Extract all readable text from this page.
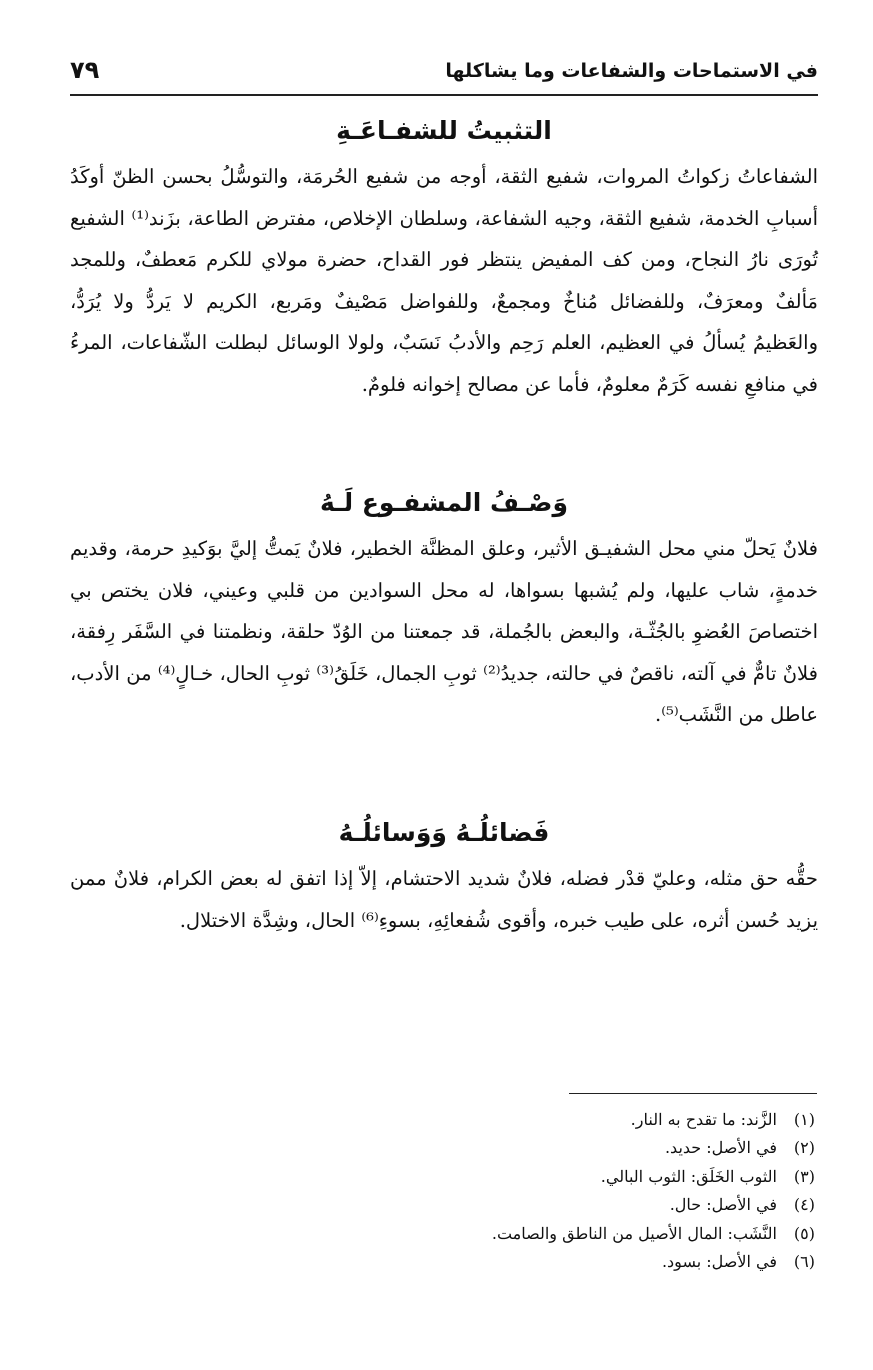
في الاستماحات والشفاعات وما يشاكلها
٧٩
التثبيتُ للشفـاعَـةِ

الشفاعاتُ زكواتُ المروات، شفيع الثقة، أوجه من شفيع الحُرمَة، والتوسُّلُ بحسن الظنّ أوكَدُ أسبابِ الخدمة، شفيع الثقة، وجيه الشفاعة، وسلطان الإخلاص، مفترض الطاعة، بزَند⁽¹⁾ الشفيع تُورَى نارُ النجاح، ومن كف المفيض ينتظر فور القداح، حضرة مولاي للكرم مَعطفٌ، وللمجد مَألفٌ ومعرَفٌ، وللفضائل مُناخٌ ومجمعٌ، وللفواضل مَصْيفٌ ومَربع، الكريم لا يَردُّ ولا يُرَدُّ، والعَظيمُ يُسألُ في العظيم، العلم رَحِم والأدبُ نَسَبٌ، ولولا الوسائل لبطلت الشّفاعات، المرءُ في منافعِ نفسه كَرَمٌ معلومٌ، فأما عن مصالح إخوانه فلومٌ.

وَصْـفُ المشفـوع لَـهُ

فلانٌ يَحلّ مني محل الشفيـق الأثير، وعلق المظنَّة الخطير، فلانٌ يَمتُّ إليَّ بوَكيدِ حرمة، وقديم خدمةٍ، شاب عليها، ولم يُشبها بسواها، له محل السوادين من قلبي وعيني، فلان يختص بي اختصاصَ العُضوِ بالجُثّـة، والبعض بالجُملة، قد جمعتنا من الوُدّ حلقة، ونظمتنا في السَّفَر رِفقة، فلانٌ تامٌّ في آلته، ناقصٌ في حالته، جديدُ⁽²⁾ ثوبِ الجمال، خَلَقُ⁽³⁾ ثوبِ الحال، خـالٍ⁽⁴⁾ من الأدب، عاطل من النَّشَب⁽⁵⁾.

فَضائلُـهُ وَوَسائلُـهُ

حقُّه حق مثله، وعليّ قدْر فضله، فلانٌ شديد الاحتشام، إلاّ إذا اتفق له بعض الكرام، فلانٌ ممن يزيد حُسن أثره، على طيب خبره، وأقوى شُفعائِهِ، بسوءِ⁽⁶⁾ الحال، وشِدَّة الاختلال.

(١)الزَّند: ما تقدح به النار.
(٢)في الأصل: حديد.
(٣)الثوب الخَلَق: الثوب البالي.
(٤)في الأصل: حال.
(٥)النَّشَب: المال الأصيل من الناطق والصامت.
(٦)في الأصل: بسود.
